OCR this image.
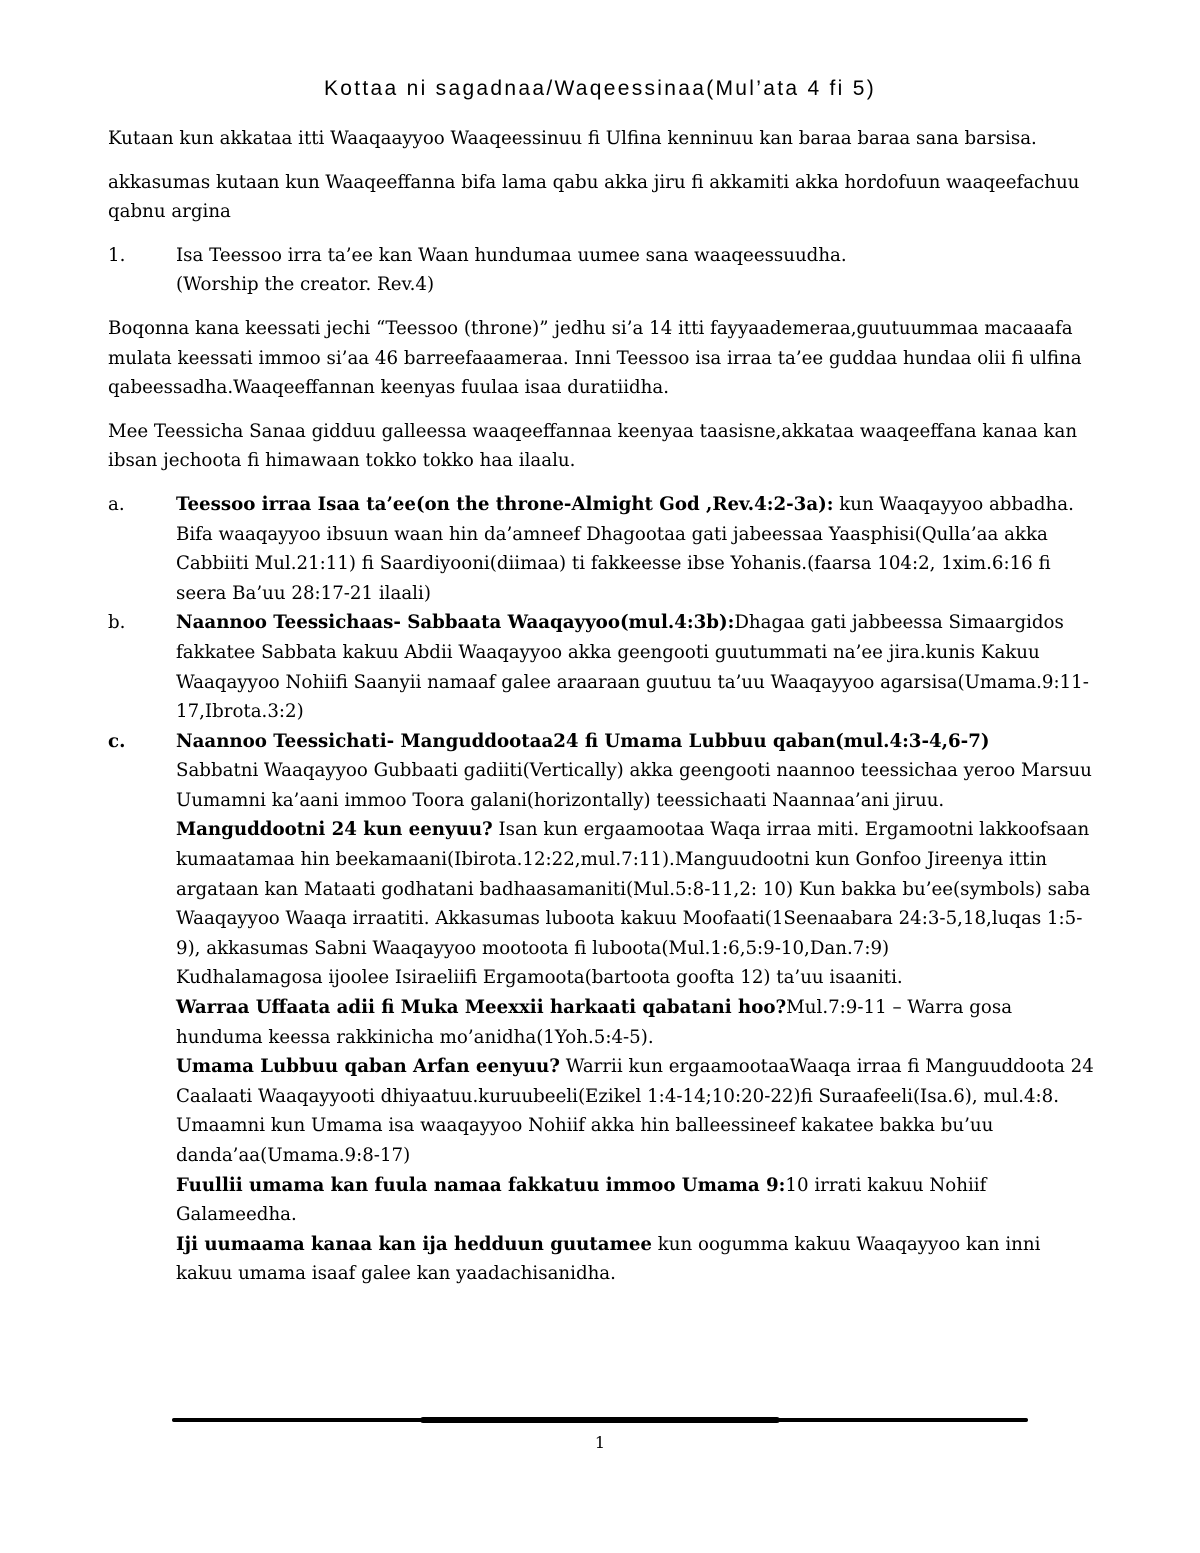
Kottaa ni sagadnaa/Waqeessinaa(Mul’ata 4 fi 5)

Kutaan kun akkataa itti Waaqaayyoo Waaqeessinuu fi Ulfina kenninuu kan baraa baraa sana barsisa.

akkasumas kutaan kun Waaqeeffanna bifa lama qabu akka jiru fi akkamiti akka hordofuun waaqeefachuu qabnu argina

1.	Isa Teessoo irra ta’ee kan Waan hundumaa uumee sana waaqeessuudha.
(Worship the creator. Rev.4)

Boqonna kana keessati jechi “Teessoo (throne)” jedhu si’a 14 itti fayyaademeraa,guutuummaa macaaafa mulata keessati immoo si’aa 46 barreefaaameraa. Inni Teessoo isa irraa ta’ee guddaa hundaa olii fi ulfina qabeessadha.Waaqeeffannan keenyas fuulaa isaa duratiidha.

Mee Teessicha Sanaa gidduu galleessa waaqeeffannaa keenyaa taasisne,akkataa waaqeeffana kanaa kan ibsan jechoota fi himawaan tokko tokko haa ilaalu.

a.	Teessoo irraa Isaa ta’ee(on the throne-Almight God ,Rev.4:2-3a): kun Waaqayyoo abbadha. Bifa waaqayyoo ibsuun waan hin da’amneef Dhagootaa gati jabeessaa Yaasphisi(Qulla’aa akka Cabbiiti Mul.21:11) fi Saardiyooni(diimaa) ti fakkeesse ibse Yohanis.(faarsa 104:2, 1xim.6:16 fi seera Ba’uu 28:17-21 ilaali)
b.	Naannoo Teessichaas- Sabbaata Waaqayyoo(mul.4:3b):Dhagaa gati jabbeessa Simaargidos fakkatee Sabbata kakuu Abdii Waaqayyoo akka geengooti guutummati na’ee jira.kunis Kakuu Waaqayyoo Nohiifi Saanyii namaaf galee araaraan guutuu ta’uu Waaqayyoo agarsisa(Umama.9:11-17,Ibrota.3:2)
c.	Naannoo Teessichati- Manguddootaa24 fi Umama Lubbuu qaban(mul.4:3-4,6-7)
Sabbatni Waaqayyoo Gubbaati gadiiti(Vertically) akka geengooti naannoo teessichaa yeroo Marsuu Uumamni ka’aani immoo Toora galani(horizontally) teessichaati Naannaa’ani jiruu.
Manguddootni 24 kun eenyuu? Isan kun ergaamootaa Waqa irraa miti. Ergamootni lakkoofsaan kumaatamaa hin beekamaani(Ibirota.12:22,mul.7:11).Manguudootni kun Gonfoo Jireenya ittin argataan kan Mataati godhatani badhaasamaniti(Mul.5:8-11,2: 10) Kun bakka bu’ee(symbols) saba Waaqayyoo Waaqa irraatiti. Akkasumas luboota kakuu Moofaati(1Seenaabara 24:3-5,18,luqas 1:5-9), akkasumas Sabni Waaqayyoo mootoota fi luboota(Mul.1:6,5:9-10,Dan.7:9)
Kudhalamagosa ijoolee Isiraeliifi Ergamoota(bartoota goofta 12) ta’uu isaaniti.
Warraa Uffaata adii fi Muka Meexxii harkaati qabatani hoo?Mul.7:9-11 – Warra gosa hunduma keessa rakkinicha mo’anidha(1Yoh.5:4-5).
Umama Lubbuu qaban Arfan eenyuu? Warrii kun ergaamootaaWaaqa irraa fi Manguuddoota 24 Caalaati Waaqayyooti dhiyaatuu.kuruubeeli(Ezikel 1:4-14;10:20-22)fi Suraafeeli(Isa.6), mul.4:8. Umaamni kun Umama isa waaqayyoo Nohiif akka hin balleessineef kakatee bakka bu’uu danda’aa(Umama.9:8-17)
Fuullii umama kan fuula namaa fakkatuu immoo Umama 9:10 irrati kakuu Nohiif Galameedha.
Iji uumaama kanaa kan ija hedduun guutamee kun oogumma kakuu Waaqayyoo kan inni kakuu umama isaaf galee kan yaadachisanidha.
1
